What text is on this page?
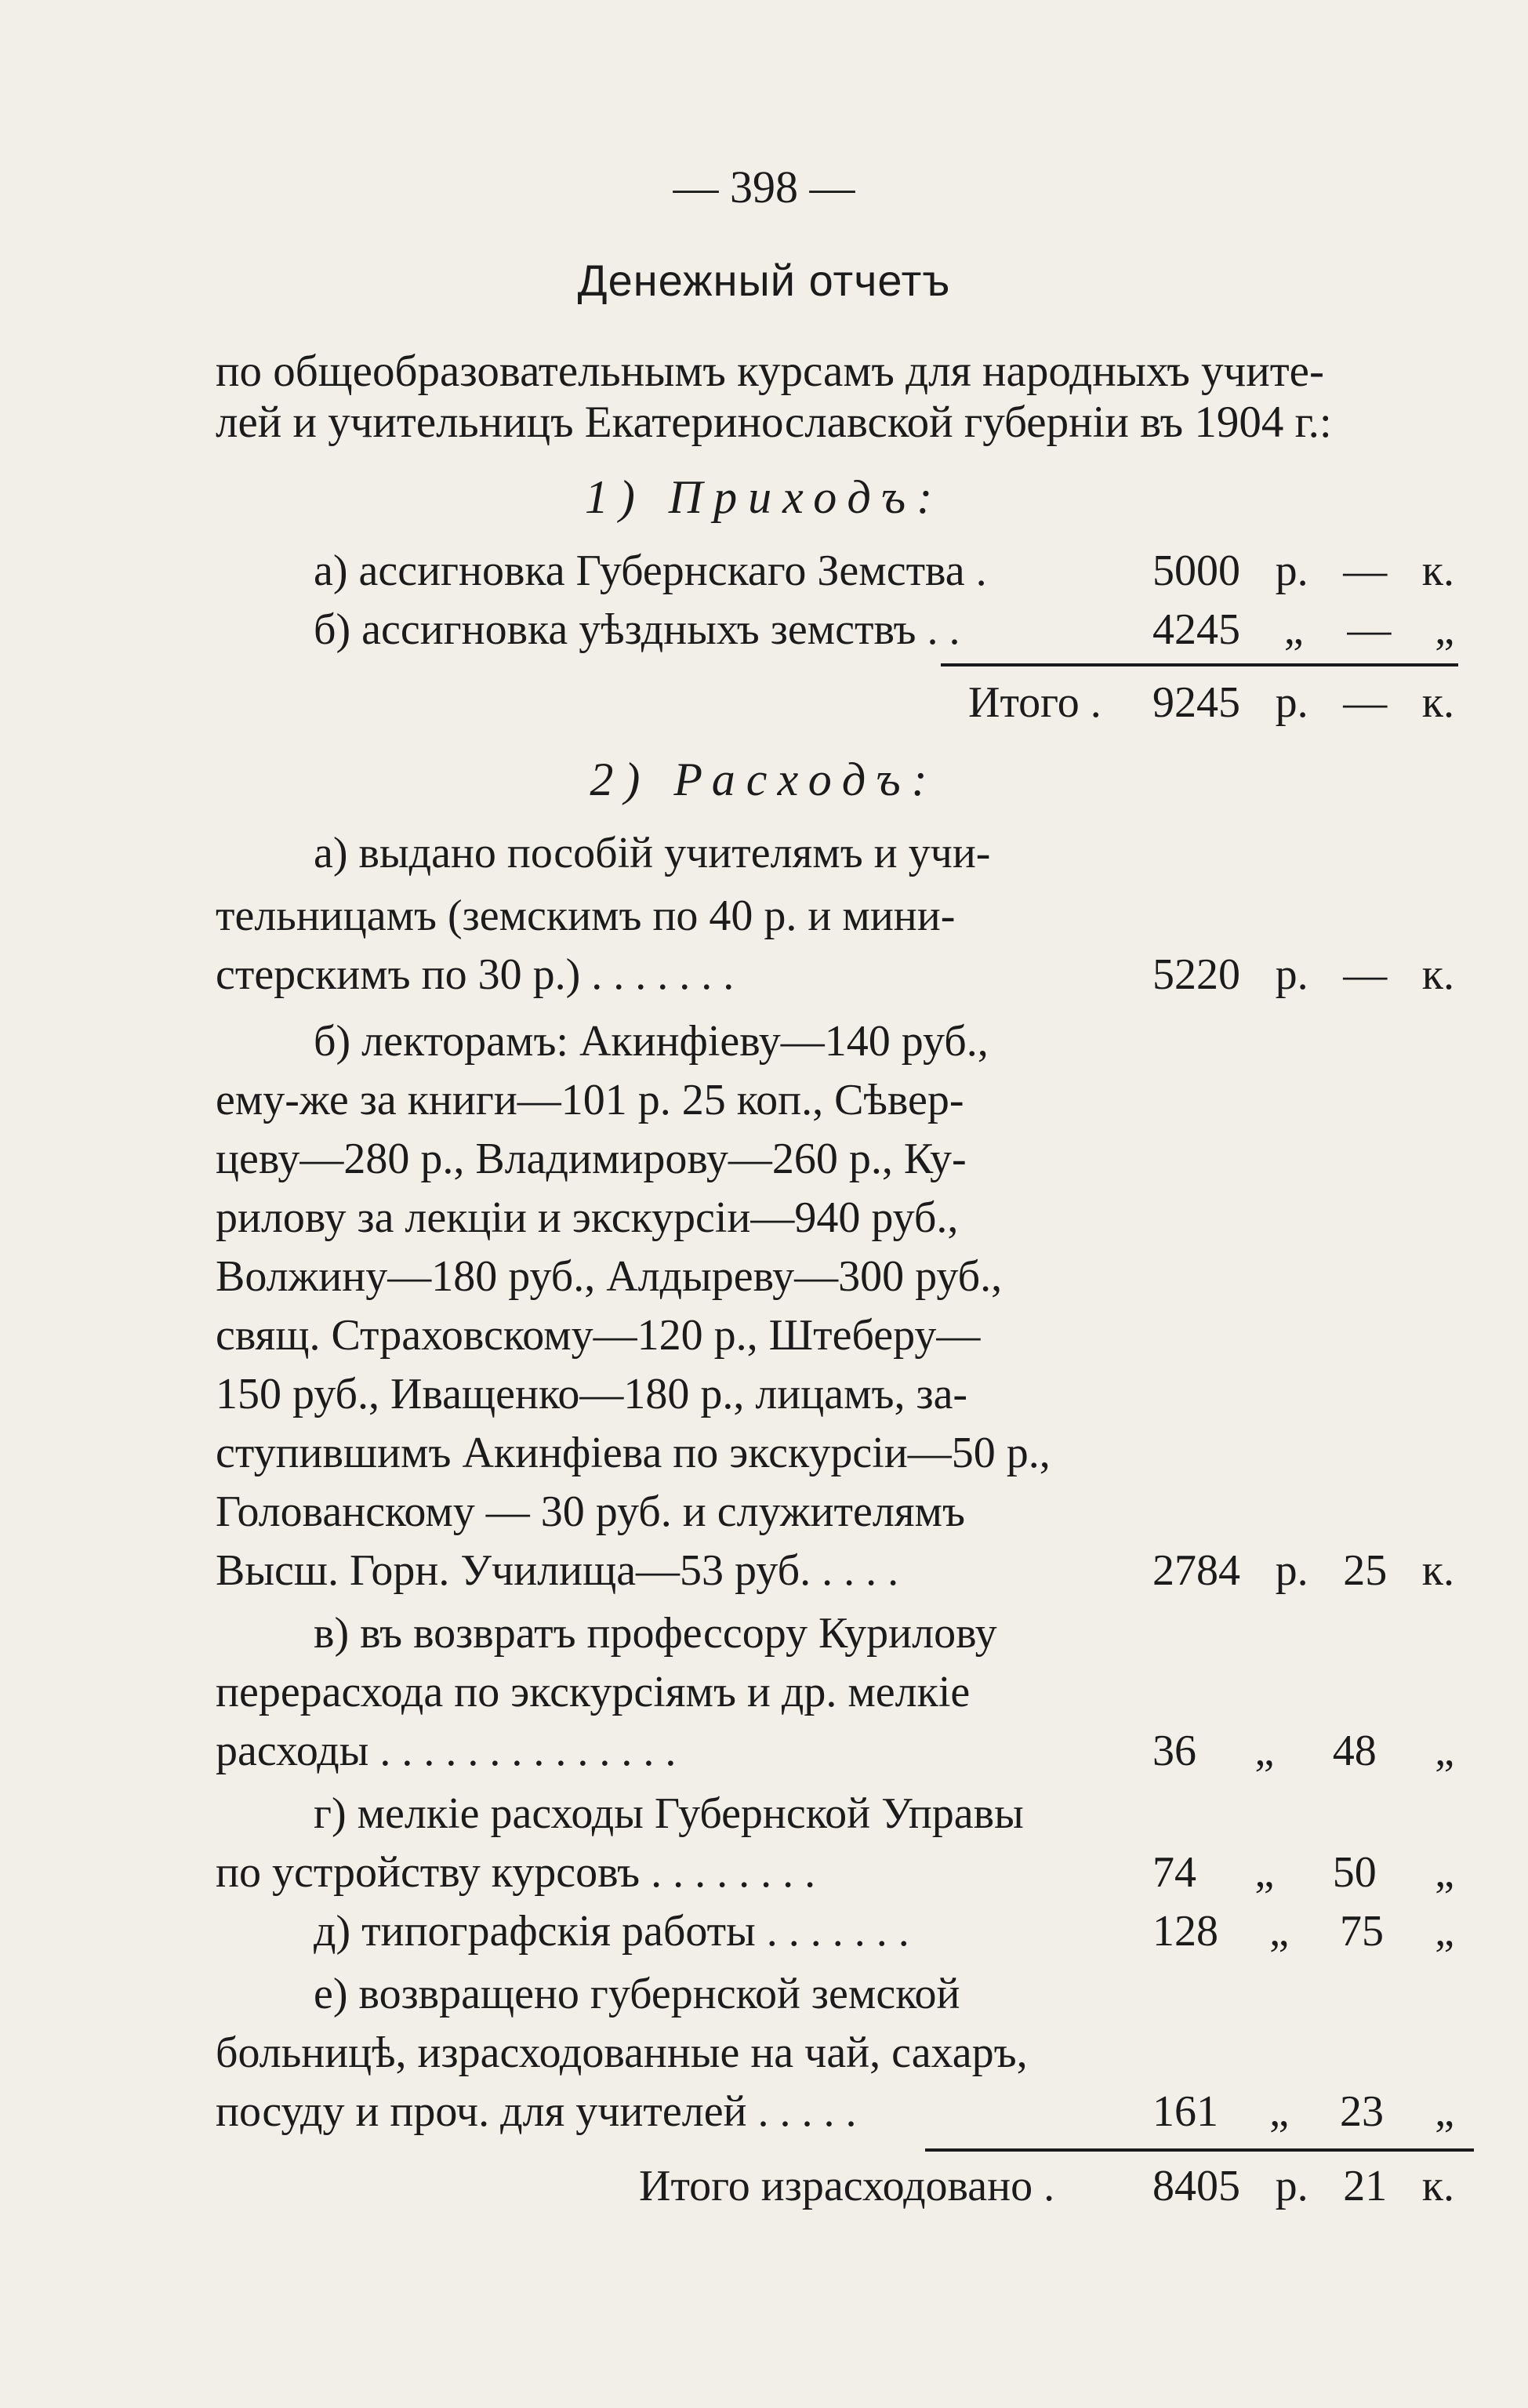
— 398 —
Денежный отчетъ
по общеобразовательнымъ курсамъ для народныхъ учите-
лей и учительницъ Екатеринославской губерніи въ 1904 г.:
1) Приходъ:
а) ассигновка Губернскаго Земства .	5000 р. — к.
б) ассигновка уѣздныхъ земствъ . .	4245 „ — „
Итого . 9245 р. — к.
2) Расходъ:
а) выдано пособій учителямъ и учи-
тельницамъ (земскимъ по 40 р. и мини-
стерскимъ по 30 р.) . . . . . . .	5220 р. — к.
б) лекторамъ: Акинфіеву—140 руб.,
ему-же за книги—101 р. 25 коп., Сѣвер-
цеву—280 р., Владимирову—260 р., Ку-
рилову за лекціи и экскурсіи—940 руб.,
Волжину—180 руб., Алдыреву—300 руб.,
свящ. Страховскому—120 р., Штеберу—
150 руб., Иващенко—180 р., лицамъ, за-
ступившимъ Акинфіева по экскурсіи—50 р.,
Голованскому — 30 руб. и служителямъ
Высш. Горн. Училища—53 руб. . . . .	2784 р. 25 к.
в) въ возвратъ профессору Курилову
перерасхода по экскурсіямъ и др. мелкіе
расходы . . . . . . . . . . . . . .	36 „ 48 „
г) мелкіе расходы Губернской Управы
по устройству курсовъ . . . . . . . .	74 „ 50 „
д) типографскія работы . . . . . . .	128 „ 75 „
е) возвращено губернской земской
больницѣ, израсходованные на чай, сахаръ,
посуду и проч. для учителей . . . . .	161 „ 23 „
Итого израсходовано . 8405 р. 21 к.
